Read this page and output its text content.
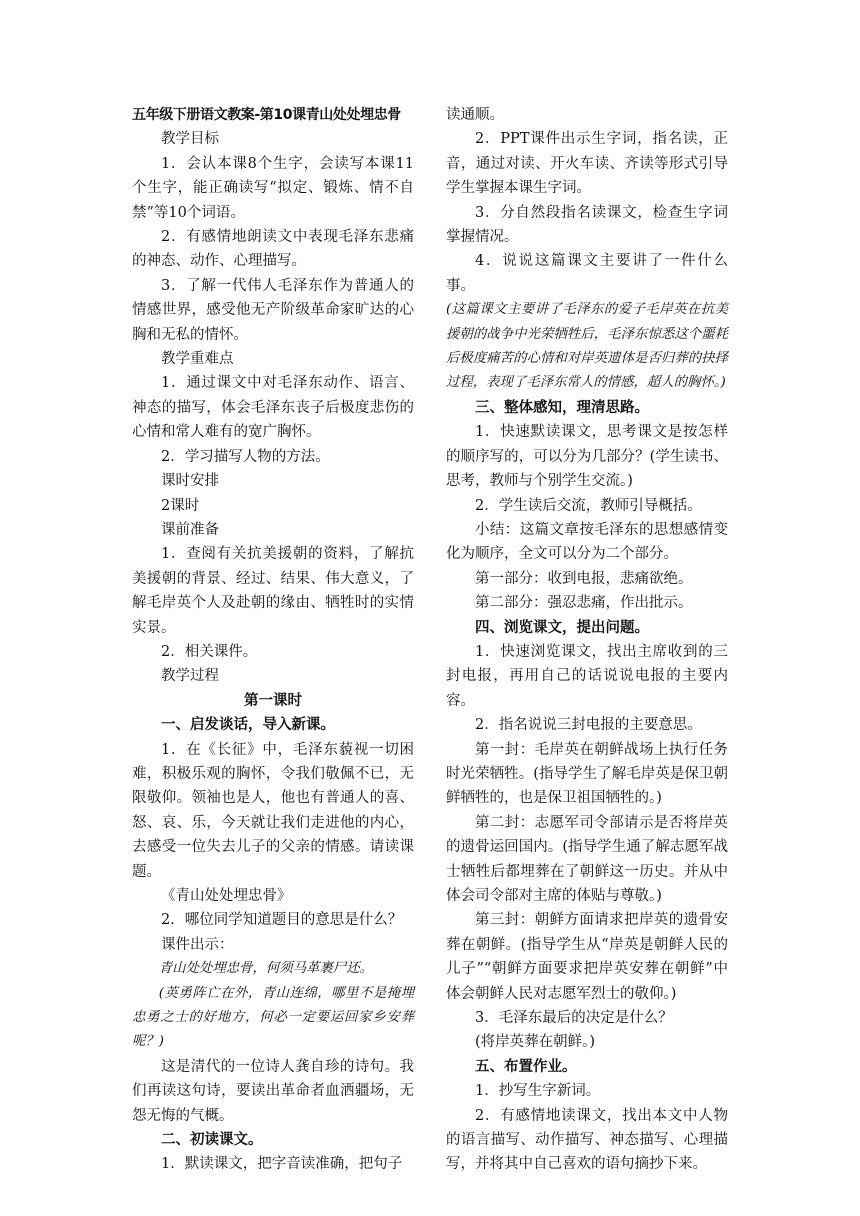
五年级下册语文教案-第10课青山处处埋忠骨

教学目标

1．会认本课8个生字，会读写本课11个生字，能正确读写“拟定、锻炼、情不自禁”等10个词语。

2．有感情地朗读文中表现毛泽东悲痛的神态、动作、心理描写。

3．了解一代伟人毛泽东作为普通人的情感世界，感受他无产阶级革命家旷达的心胸和无私的情怀。

教学重难点

1．通过课文中对毛泽东动作、语言、神态的描写，体会毛泽东丧子后极度悲伤的心情和常人难有的宽广胸怀。

2．学习描写人物的方法。

课时安排

2课时

课前准备

1．查阅有关抗美援朝的资料，了解抗美援朝的背景、经过、结果、伟大意义，了解毛岸英个人及赴朝的缘由、牺牲时的实情实景。

2．相关课件。

教学过程

第一课时

一、启发谈话，导入新课。

1．在《长征》中，毛泽东藐视一切困难，积极乐观的胸怀，令我们敬佩不已，无限敬仰。领袖也是人，他也有普通人的喜、怒、哀、乐，今天就让我们走进他的内心，去感受一位失去儿子的父亲的情感。请读课题。

《青山处处埋忠骨》

2．哪位同学知道题目的意思是什么？

课件出示：

青山处处埋忠骨，何须马革裹尸还。

(英勇阵亡在外，青山连绵，哪里不是掩埋忠勇之士的好地方，何必一定要运回家乡安葬呢？)

这是清代的一位诗人龚自珍的诗句。我们再读这句诗，要读出革命者血洒疆场，无怨无悔的气概。

二、初读课文。

1．默读课文，把字音读准确，把句子

读通顺。

2．PPT课件出示生字词，指名读，正音，通过对读、开火车读、齐读等形式引导学生掌握本课生字词。

3．分自然段指名读课文，检查生字词掌握情况。

4．说说这篇课文主要讲了一件什么事。

(这篇课文主要讲了毛泽东的爱子毛岸英在抗美援朝的战争中光荣牺牲后，毛泽东惊悉这个噩耗后极度痛苦的心情和对岸英遗体是否归葬的抉择过程，表现了毛泽东常人的情感，超人的胸怀。)

三、整体感知，理清思路。

1．快速默读课文，思考课文是按怎样的顺序写的，可以分为几部分？(学生读书、思考，教师与个别学生交流。)

2．学生读后交流，教师引导概括。

小结：这篇文章按毛泽东的思想感情变化为顺序，全文可以分为二个部分。

第一部分：收到电报，悲痛欲绝。

第二部分：强忍悲痛，作出批示。

四、浏览课文，提出问题。

1．快速浏览课文，找出主席收到的三封电报，再用自己的话说说电报的主要内容。

2．指名说说三封电报的主要意思。

第一封：毛岸英在朝鲜战场上执行任务时光荣牺牲。(指导学生了解毛岸英是保卫朝鲜牺牲的，也是保卫祖国牺牲的。)

第二封：志愿军司令部请示是否将岸英的遗骨运回国内。(指导学生通了解志愿军战士牺牲后都埋葬在了朝鲜这一历史。并从中体会司令部对主席的体贴与尊敬。)

第三封：朝鲜方面请求把岸英的遗骨安葬在朝鲜。(指导学生从“岸英是朝鲜人民的儿子”“朝鲜方面要求把岸英安葬在朝鲜”中体会朝鲜人民对志愿军烈士的敬仰。)

3．毛泽东最后的决定是什么？

(将岸英葬在朝鲜。)

五、布置作业。

1．抄写生字新词。

2．有感情地读课文，找出本文中人物的语言描写、动作描写、神态描写、心理描写，并将其中自己喜欢的语句摘抄下来。
